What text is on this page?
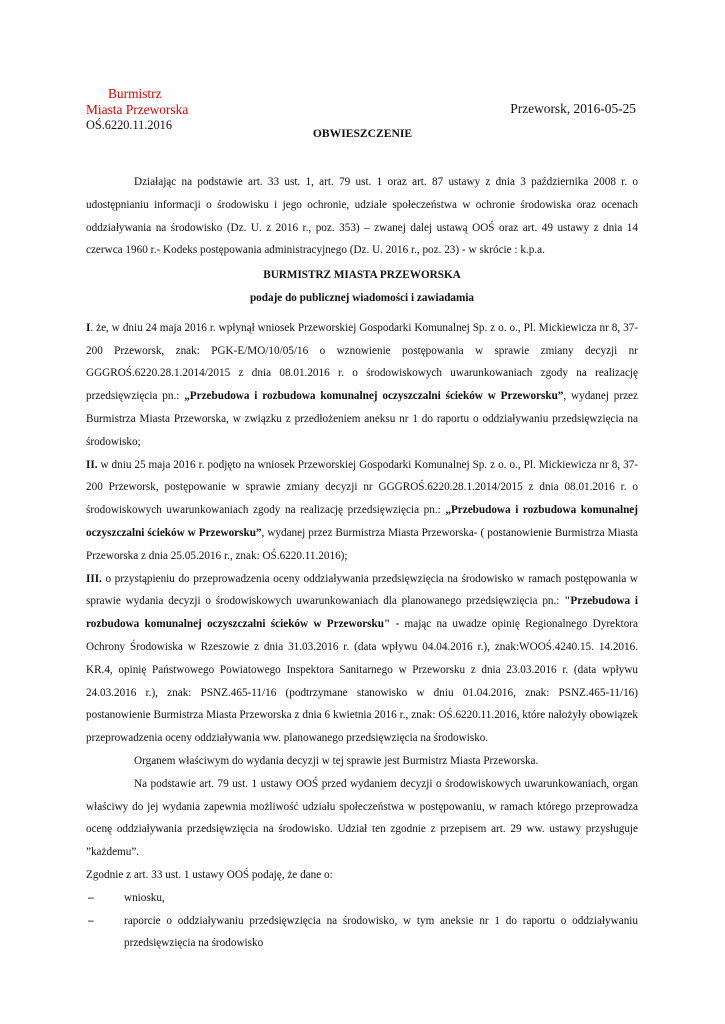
Burmistrz
Miasta Przeworska
OŚ.6220.11.2016
Przeworsk, 2016-05-25
OBWIESZCZENIE

Działając na podstawie art. 33 ust. 1, art. 79 ust. 1 oraz art. 87 ustawy z dnia 3 października 2008 r. o udostępnianiu informacji o środowisku i jego ochronie, udziale społeczeństwa w ochronie środowiska oraz ocenach oddziaływania na środowisko (Dz. U. z 2016 r., poz. 353) – zwanej dalej ustawą OOŚ oraz art. 49 ustawy z dnia 14 czerwca 1960 r.- Kodeks postępowania administracyjnego (Dz. U. 2016 r., poz. 23) - w skrócie : k.p.a.

BURMISTRZ MIASTA PRZEWORSKA

podaje do publicznej wiadomości i zawiadamia

I. że, w dniu 24 maja 2016 r. wpłynął wniosek Przeworskiej Gospodarki Komunalnej Sp. z o. o., Pl. Mickiewicza nr 8, 37-200 Przeworsk, znak: PGK-E/MO/10/05/16 o wznowienie postępowania w sprawie zmiany decyzji nr GGGROŚ.6220.28.1.2014/2015 z dnia 08.01.2016 r. o środowiskowych uwarunkowaniach zgody na realizację przedsięwzięcia pn.: „Przebudowa i rozbudowa komunalnej oczyszczalni ścieków w Przeworsku”, wydanej przez Burmistrza Miasta Przeworska, w związku z przedłożeniem aneksu nr 1 do raportu o oddziaływaniu przedsięwzięcia na środowisko;

II. w dniu 25 maja 2016 r. podjęto na wniosek Przeworskiej Gospodarki Komunalnej Sp. z o. o., Pl. Mickiewicza nr 8, 37-200 Przeworsk, postępowanie w sprawie zmiany decyzji nr GGGROŚ.6220.28.1.2014/2015 z dnia 08.01.2016 r. o środowiskowych uwarunkowaniach zgody na realizację przedsięwzięcia pn.: „Przebudowa i rozbudowa komunalnej oczyszczalni ścieków w Przeworsku”, wydanej przez Burmistrza Miasta Przeworska- ( postanowienie Burmistrza Miasta Przeworska z dnia 25.05.2016 r., znak: OŚ.6220.11.2016);

III. o przystąpieniu do przeprowadzenia oceny oddziaływania przedsięwzięcia na środowisko w ramach postępowania w sprawie wydania decyzji o środowiskowych uwarunkowaniach dla planowanego przedsięwzięcia pn.: "Przebudowa i rozbudowa komunalnej oczyszczalni ścieków w Przeworsku" - mając na uwadze opinię Regionalnego Dyrektora Ochrony Środowiska w Rzeszowie z dnia 31.03.2016 r. (data wpływu 04.04.2016 r.), znak:WOOŚ.4240.15. 14.2016. KR.4, opinię Państwowego Powiatowego Inspektora Sanitarnego w Przeworsku z dnia 23.03.2016 r. (data wpływu 24.03.2016 r.), znak: PSNZ.465-11/16 (podtrzymane stanowisko w dniu 01.04.2016, znak: PSNZ.465-11/16) postanowienie Burmistrza Miasta Przeworska z dnia 6 kwietnia 2016 r., znak: OŚ.6220.11.2016, które nałożyły obowiązek przeprowadzenia oceny oddziaływania ww. planowanego przedsięwzięcia na środowisko.

Organem właściwym do wydania decyzji w tej sprawie jest Burmistrz Miasta Przeworska.

Na podstawie art. 79 ust. 1 ustawy OOŚ przed wydaniem decyzji o środowiskowych uwarunkowaniach, organ właściwy do jej wydania zapewnia możliwość udziału społeczeństwa w postępowaniu, w ramach którego przeprowadza ocenę oddziaływania przedsięwzięcia na środowisko. Udział ten zgodnie z przepisem art. 29 ww. ustawy przysługuje ”każdemu”.

Zgodnie z art. 33 ust. 1 ustawy OOŚ podaję, że dane o:

–	wniosku,
–	raporcie o oddziaływaniu przedsięwzięcia na środowisko, w tym aneksie nr 1 do raportu o oddziaływaniu przedsięwzięcia na środowisko
